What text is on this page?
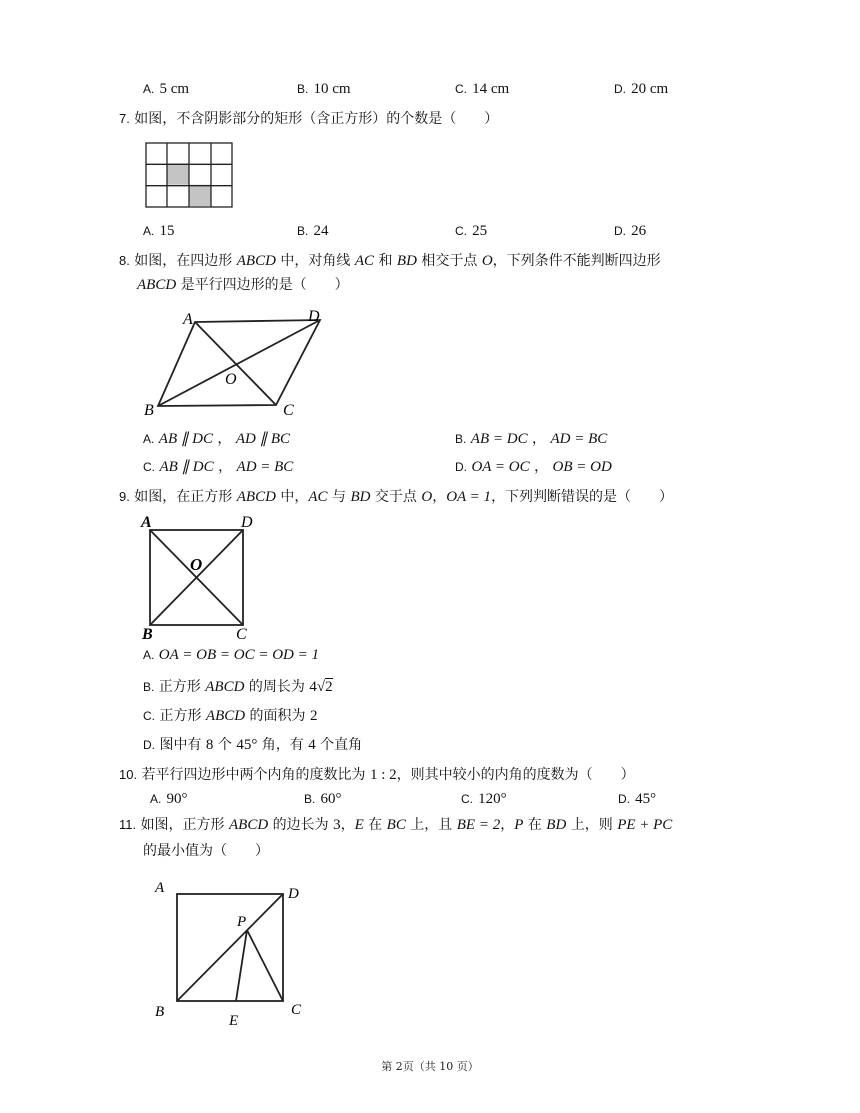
A. 5 cm	B. 10 cm	C. 14 cm	D. 20 cm
7. 如图，不含阴影部分的矩形（含正方形）的个数是（　　）
A. 15	B. 24	C. 25	D. 26
8. 如图，在四边形 ABCD 中，对角线 AC 和 BD 相交于点 O，下列条件不能判断四边形
ABCD 是平行四边形的是（　　）
A	D
B	C
O
A. AB ∥ DC ， AD ∥ BC	B. AB = DC ， AD = BC
C. AB ∥ DC ， AD = BC	D. OA = OC ， OB = OD
9. 如图，在正方形 ABCD 中，AC 与 BD 交于点 O，OA = 1，下列判断错误的是（　　）
A	D
B	C
O
A. OA = OB = OC = OD = 1
B. 正方形 ABCD 的周长为 4√2
C. 正方形 ABCD 的面积为 2
D. 图中有 8 个 45° 角，有 4 个直角
10. 若平行四边形中两个内角的度数比为 1 : 2，则其中较小的内角的度数为（　　）
A. 90°	B. 60°	C. 120°	D. 45°
11. 如图，正方形 ABCD 的边长为 3，E 在 BC 上，且 BE = 2，P 在 BD 上，则 PE + PC
的最小值为（　　）
A	D
P
B
E
C
第 2页（共 10 页）
